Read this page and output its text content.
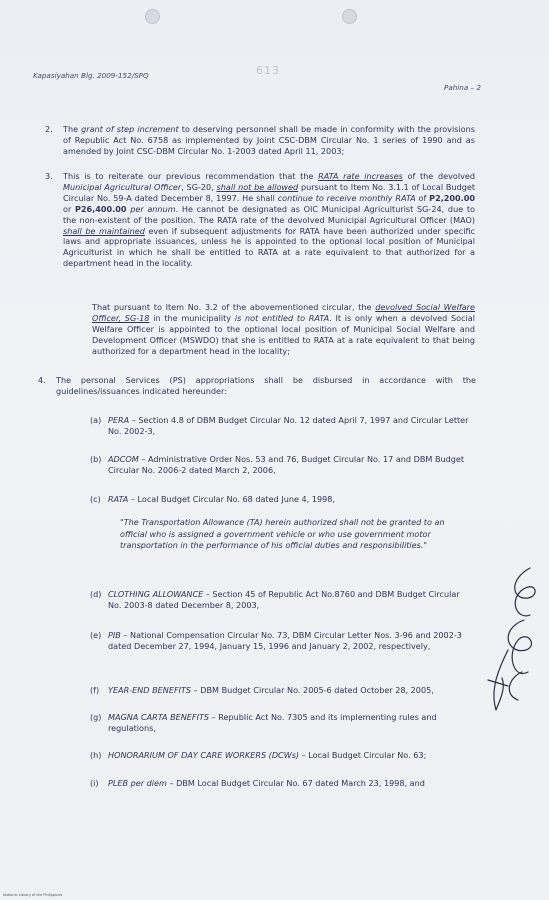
Kapasiyahan Blg. 2009-152/SPQ	613
Pahina – 2
2. The grant of step increment to deserving personnel shall be made in conformity with the provisions of Republic Act No. 6758 as implemented by Joint CSC-DBM Circular No. 1 series of 1990 and as amended by Joint CSC-DBM Circular No. 1-2003 dated April 11, 2003;
3. This is to reiterate our previous recommendation that the RATA rate increases of the devolved Municipal Agricultural Officer, SG-20, shall not be allowed pursuant to Item No. 3.1.1 of Local Budget Circular No. 59-A dated December 8, 1997. He shall continue to receive monthly RATA of P2,200.00 or P26,400.00 per annum. He cannot be designated as OIC Municipal Agriculturist SG-24, due to the non-existent of the position. The RATA rate of the devolved Municipal Agricultural Officer (MAO) shall be maintained even if subsequent adjustments for RATA have been authorized under specific laws and appropriate issuances, unless he is appointed to the optional local position of Municipal Agriculturist in which he shall be entitled to RATA at a rate equivalent to that authorized for a department head in the locality.
That pursuant to Item No. 3.2 of the abovementioned circular, the devolved Social Welfare Officer, SG-18 in the municipality is not entitled to RATA. It is only when a devolved Social Welfare Officer is appointed to the optional local position of Municipal Social Welfare and Development Officer (MSWDO) that she is entitled to RATA at a rate equivalent to that being authorized for a department head in the locality;
4. The personal Services (PS) appropriations shall be disbursed in accordance with the guidelines/issuances indicated hereunder:
(a) PERA – Section 4.8 of DBM Budget Circular No. 12 dated April 7, 1997 and Circular Letter No. 2002-3,
(b) ADCOM – Administrative Order Nos. 53 and 76, Budget Circular No. 17 and DBM Budget Circular No. 2006-2 dated March 2, 2006,
(c) RATA – Local Budget Circular No. 68 dated June 4, 1998,
"The Transportation Allowance (TA) herein authorized shall not be granted to an official who is assigned a government vehicle or who use government motor transportation in the performance of his official duties and responsibilities."
(d) CLOTHING ALLOWANCE – Section 45 of Republic Act No.8760 and DBM Budget Circular No. 2003-8 dated December 8, 2003,
(e) PIB – National Compensation Circular No. 73, DBM Circular Letter Nos. 3-96 and 2002-3 dated December 27, 1994, January 15, 1996 and January 2, 2002, respectively,
(f) YEAR-END BENEFITS – DBM Budget Circular No. 2005-6 dated October 28, 2005,
(g) MAGNA CARTA BENEFITS – Republic Act No. 7305 and its implementing rules and regulations,
(h) HONORARIUM OF DAY CARE WORKERS (DCWs) – Local Budget Circular No. 63;
(i) PLEB per diem – DBM Local Budget Circular No. 67 dated March 23, 1998, and
National Library of the Philippines
